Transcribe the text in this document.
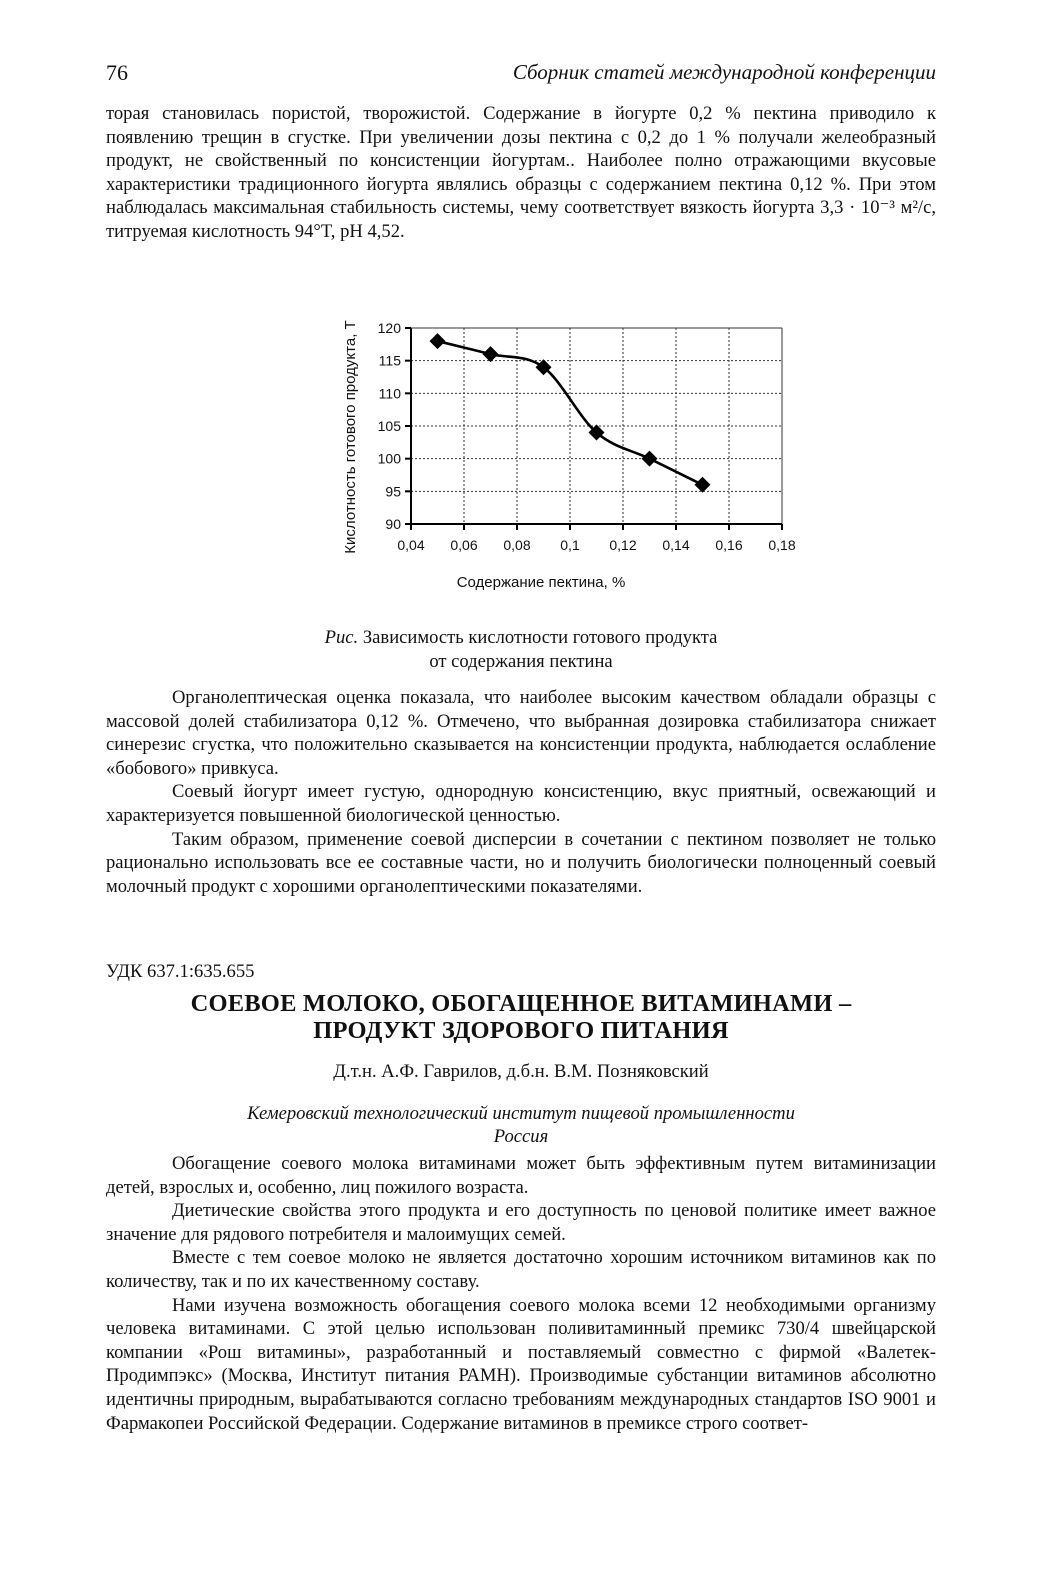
76	Сборник статей международной конференции

торая становилась пористой, творожистой. Содержание в йогурте 0,2 % пектина приводило к появлению трещин в сгустке. При увеличении дозы пектина с 0,2 до 1 % получали желеобразный продукт, не свойственный по консистенции йогуртам.. Наиболее полно отражающими вкусовые характеристики традиционного йогурта являлись образцы с содержанием пектина 0,12 %. При этом наблюдалась максимальная стабильность системы, чему соответствует вязкость йогурта 3,3 · 10⁻³ м²/с, титруемая кислотность 94°T, pH 4,52.

90
95
100
105
110
115
120
0,04 0,06 0,08 0,1 0,12 0,14 0,16 0,18
Содержание пектина, %
Кислотность готового продукта, Т
Рис. Зависимость кислотности готового продукта
от содержания пектина

Органолептическая оценка показала, что наиболее высоким качеством обладали образцы с массовой долей стабилизатора 0,12 %. Отмечено, что выбранная дозировка стабилизатора снижает синерезис сгустка, что положительно сказывается на консистенции продукта, наблюдается ослабление «бобового» привкуса.

Соевый йогурт имеет густую, однородную консистенцию, вкус приятный, освежающий и характеризуется повышенной биологической ценностью.

Таким образом, применение соевой дисперсии в сочетании с пектином позволяет не только рационально использовать все ее составные части, но и получить биологически полноценный соевый молочный продукт с хорошими органолептическими показателями.

УДК 637.1:635.655
СОЕВОЕ МОЛОКО, ОБОГАЩЕННОЕ ВИТАМИНАМИ –
ПРОДУКТ ЗДОРОВОГО ПИТАНИЯ
Д.т.н. А.Ф. Гаврилов, д.б.н. В.М. Позняковский
Кемеровский технологический институт пищевой промышленности
Россия

Обогащение соевого молока витаминами может быть эффективным путем витаминизации детей, взрослых и, особенно, лиц пожилого возраста.

Диетические свойства этого продукта и его доступность по ценовой политике имеет важное значение для рядового потребителя и малоимущих семей.

Вместе с тем соевое молоко не является достаточно хорошим источником витаминов как по количеству, так и по их качественному составу.

Нами изучена возможность обогащения соевого молока всеми 12 необходимыми организму человека витаминами. С этой целью использован поливитаминный премикс 730/4 швейцарской компании «Рош витамины», разработанный и поставляемый совместно с фирмой «Валетек-Продимпэкс» (Москва, Институт питания РАМН). Производимые субстанции витаминов абсолютно идентичны природным, вырабатываются согласно требованиям международных стандартов ISO 9001 и Фармакопеи Российской Федерации. Содержание витаминов в премиксе строго соответ-
